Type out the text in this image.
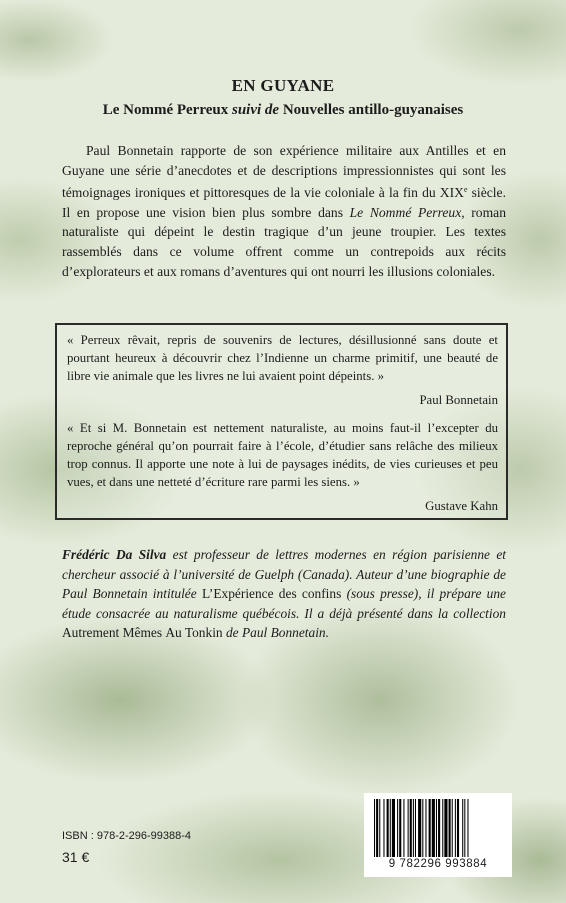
EN GUYANE
Le Nommé Perreux suivi de Nouvelles antillo-guyanaises

Paul Bonnetain rapporte de son expérience militaire aux Antilles et en Guyane une série d’anecdotes et de descriptions impressionnistes qui sont les témoignages ironiques et pittoresques de la vie coloniale à la fin du XIXe siècle. Il en propose une vision bien plus sombre dans Le Nommé Perreux, roman naturaliste qui dépeint le destin tragique d’un jeune troupier. Les textes rassemblés dans ce volume offrent comme un contrepoids aux récits d’explorateurs et aux romans d’aventures qui ont nourri les illusions coloniales.

« Perreux rêvait, repris de souvenirs de lectures, désillusionné sans doute et pourtant heureux à découvrir chez l’Indienne un charme primitif, une beauté de libre vie animale que les livres ne lui avaient point dépeints. »

Paul Bonnetain

« Et si M. Bonnetain est nettement naturaliste, au moins faut-il l’excepter du reproche général qu’on pourrait faire à l’école, d’étudier sans relâche des milieux trop connus. Il apporte une note à lui de paysages inédits, de vies curieuses et peu vues, et dans une netteté d’écriture rare parmi les siens. »

Gustave Kahn

Frédéric Da Silva est professeur de lettres modernes en région parisienne et chercheur associé à l’université de Guelph (Canada). Auteur d’une biographie de Paul Bonnetain intitulée L’Expérience des confins (sous presse), il prépare une étude consacrée au naturalisme québécois. Il a déjà présenté dans la collection Autrement Mêmes Au Tonkin de Paul Bonnetain.

ISBN : 978-2-296-99388-4
31 €	9 782296 993884
